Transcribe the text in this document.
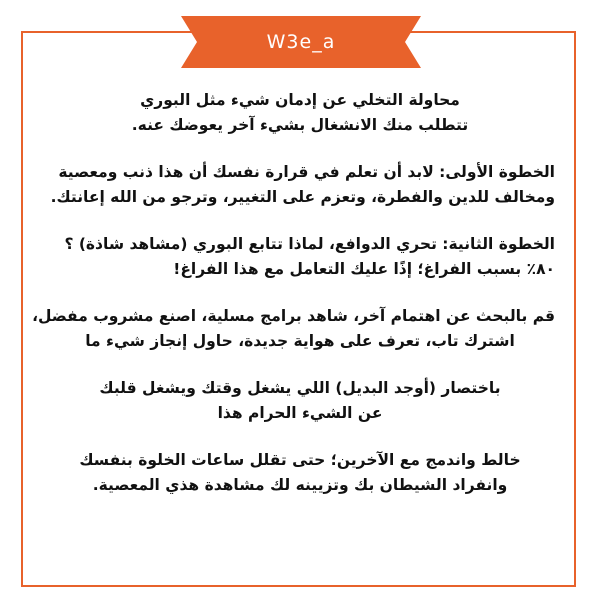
W3e_a
محاولة التخلي عن إدمان شيء مثل البوري
تتطلب منك الانشغال بشيء آخر يعوضك عنه.
الخطوة الأولى: لابد أن تعلم في قرارة نفسك أن هذا ذنب ومعصية
ومخالف للدين والفطرة، وتعزم على التغيير، وترجو من الله إعانتك.
الخطوة الثانية: تحري الدوافع، لماذا تتابع البوري (مشاهد شاذة) ؟
٨٠٪ بسبب الفراغ؛ إذًا عليك التعامل مع هذا الفراغ!
قم بالبحث عن اهتمام آخر، شاهد برامج مسلية، اصنع مشروب مفضل،
اشترك تاب، تعرف على هواية جديدة، حاول إنجاز شيء ما
باختصار (أوجد البديل) اللي يشغل وقتك ويشغل قلبك
عن الشيء الحرام هذا
خالط واندمج مع الآخرين؛ حتى تقلل ساعات الخلوة بنفسك
وانفراد الشيطان بك وتزيينه لك مشاهدة هذي المعصية.
